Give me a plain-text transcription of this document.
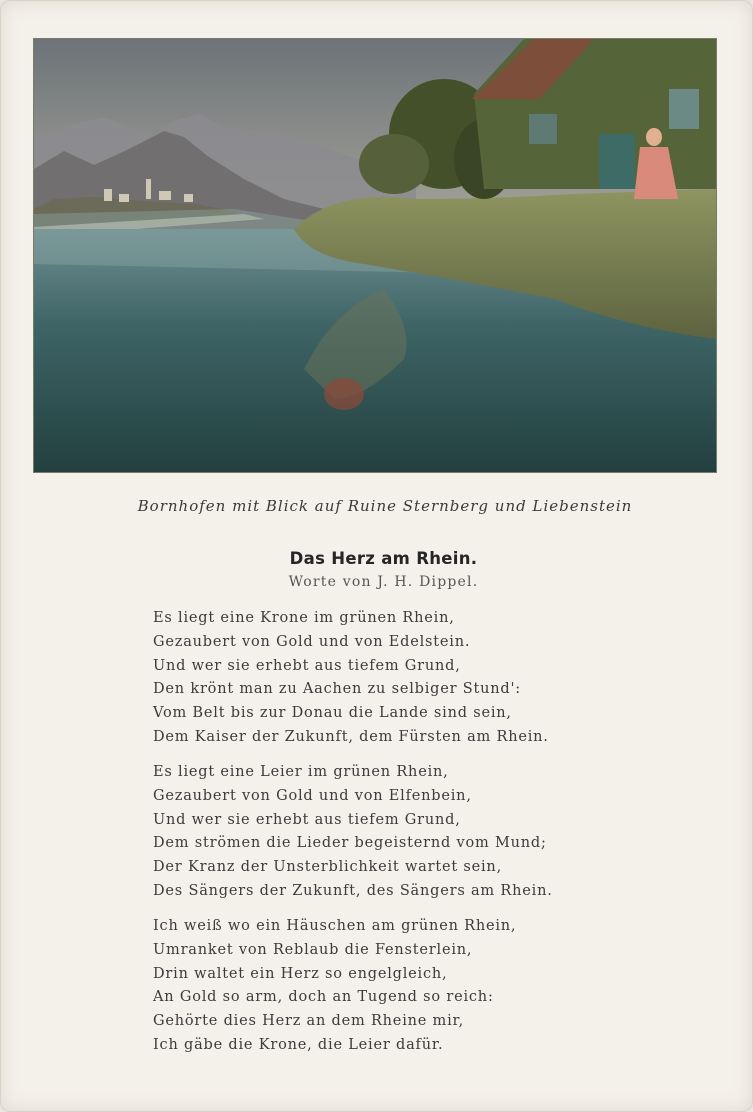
Bornhofen mit Blick auf Ruine Sternberg und Liebenstein
Das Herz am Rhein.
Worte von J. H. Dippel.
Es liegt eine Krone im grünen Rhein,
Gezaubert von Gold und von Edelstein.
Und wer sie erhebt aus tiefem Grund,
Den krönt man zu Aachen zu selbiger Stund':
Vom Belt bis zur Donau die Lande sind sein,
Dem Kaiser der Zukunft, dem Fürsten am Rhein.
Es liegt eine Leier im grünen Rhein,
Gezaubert von Gold und von Elfenbein,
Und wer sie erhebt aus tiefem Grund,
Dem strömen die Lieder begeisternd vom Mund;
Der Kranz der Unsterblichkeit wartet sein,
Des Sängers der Zukunft, des Sängers am Rhein.
Ich weiß wo ein Häuschen am grünen Rhein,
Umranket von Reblaub die Fensterlein,
Drin waltet ein Herz so engelgleich,
An Gold so arm, doch an Tugend so reich:
Gehörte dies Herz an dem Rheine mir,
Ich gäbe die Krone, die Leier dafür.
